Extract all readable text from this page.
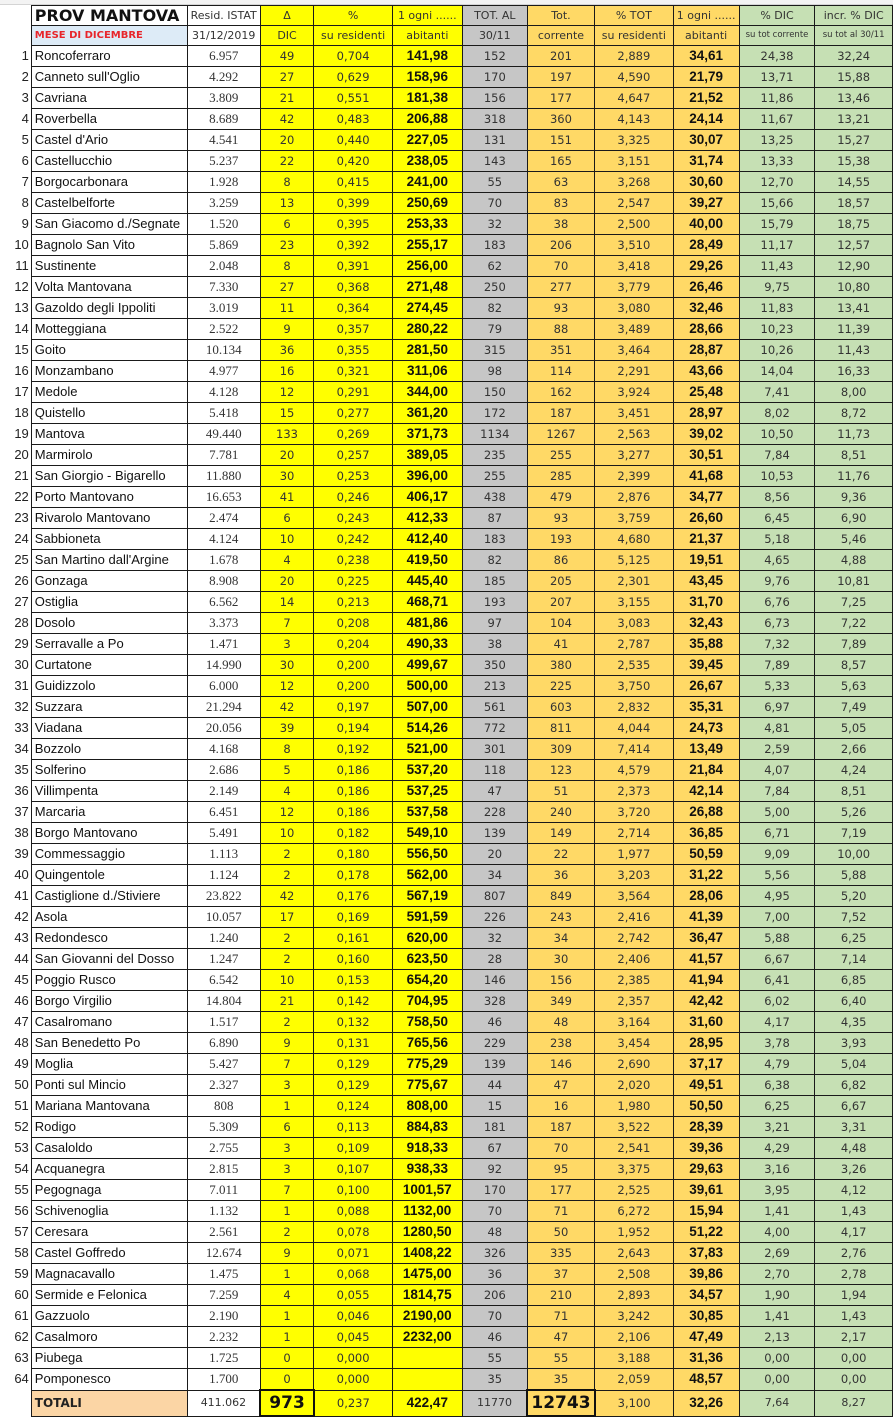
	PROV MANTOVA	Resid. ISTAT	Δ	%	1 ogni ......	TOT. AL	Tot.	% TOT	1 ogni ......	% DIC	incr. % DIC
	MESE DI DICEMBRE	31/12/2019	DIC	su residenti	abitanti	30/11	corrente	su residenti	abitanti	su tot corrente	su tot al 30/11
1	Roncoferraro	6.957	49	0,704	141,98	152	201	2,889	34,61	24,38	32,24
2	Canneto sull'Oglio	4.292	27	0,629	158,96	170	197	4,590	21,79	13,71	15,88
3	Cavriana	3.809	21	0,551	181,38	156	177	4,647	21,52	11,86	13,46
4	Roverbella	8.689	42	0,483	206,88	318	360	4,143	24,14	11,67	13,21
5	Castel d'Ario	4.541	20	0,440	227,05	131	151	3,325	30,07	13,25	15,27
6	Castellucchio	5.237	22	0,420	238,05	143	165	3,151	31,74	13,33	15,38
7	Borgocarbonara	1.928	8	0,415	241,00	55	63	3,268	30,60	12,70	14,55
8	Castelbelforte	3.259	13	0,399	250,69	70	83	2,547	39,27	15,66	18,57
9	San Giacomo d./Segnate	1.520	6	0,395	253,33	32	38	2,500	40,00	15,79	18,75
10	Bagnolo San Vito	5.869	23	0,392	255,17	183	206	3,510	28,49	11,17	12,57
11	Sustinente	2.048	8	0,391	256,00	62	70	3,418	29,26	11,43	12,90
12	Volta Mantovana	7.330	27	0,368	271,48	250	277	3,779	26,46	9,75	10,80
13	Gazoldo degli Ippoliti	3.019	11	0,364	274,45	82	93	3,080	32,46	11,83	13,41
14	Motteggiana	2.522	9	0,357	280,22	79	88	3,489	28,66	10,23	11,39
15	Goito	10.134	36	0,355	281,50	315	351	3,464	28,87	10,26	11,43
16	Monzambano	4.977	16	0,321	311,06	98	114	2,291	43,66	14,04	16,33
17	Medole	4.128	12	0,291	344,00	150	162	3,924	25,48	7,41	8,00
18	Quistello	5.418	15	0,277	361,20	172	187	3,451	28,97	8,02	8,72
19	Mantova	49.440	133	0,269	371,73	1134	1267	2,563	39,02	10,50	11,73
20	Marmirolo	7.781	20	0,257	389,05	235	255	3,277	30,51	7,84	8,51
21	San Giorgio - Bigarello	11.880	30	0,253	396,00	255	285	2,399	41,68	10,53	11,76
22	Porto Mantovano	16.653	41	0,246	406,17	438	479	2,876	34,77	8,56	9,36
23	Rivarolo Mantovano	2.474	6	0,243	412,33	87	93	3,759	26,60	6,45	6,90
24	Sabbioneta	4.124	10	0,242	412,40	183	193	4,680	21,37	5,18	5,46
25	San Martino dall'Argine	1.678	4	0,238	419,50	82	86	5,125	19,51	4,65	4,88
26	Gonzaga	8.908	20	0,225	445,40	185	205	2,301	43,45	9,76	10,81
27	Ostiglia	6.562	14	0,213	468,71	193	207	3,155	31,70	6,76	7,25
28	Dosolo	3.373	7	0,208	481,86	97	104	3,083	32,43	6,73	7,22
29	Serravalle a Po	1.471	3	0,204	490,33	38	41	2,787	35,88	7,32	7,89
30	Curtatone	14.990	30	0,200	499,67	350	380	2,535	39,45	7,89	8,57
31	Guidizzolo	6.000	12	0,200	500,00	213	225	3,750	26,67	5,33	5,63
32	Suzzara	21.294	42	0,197	507,00	561	603	2,832	35,31	6,97	7,49
33	Viadana	20.056	39	0,194	514,26	772	811	4,044	24,73	4,81	5,05
34	Bozzolo	4.168	8	0,192	521,00	301	309	7,414	13,49	2,59	2,66
35	Solferino	2.686	5	0,186	537,20	118	123	4,579	21,84	4,07	4,24
36	Villimpenta	2.149	4	0,186	537,25	47	51	2,373	42,14	7,84	8,51
37	Marcaria	6.451	12	0,186	537,58	228	240	3,720	26,88	5,00	5,26
38	Borgo Mantovano	5.491	10	0,182	549,10	139	149	2,714	36,85	6,71	7,19
39	Commessaggio	1.113	2	0,180	556,50	20	22	1,977	50,59	9,09	10,00
40	Quingentole	1.124	2	0,178	562,00	34	36	3,203	31,22	5,56	5,88
41	Castiglione d./Stiviere	23.822	42	0,176	567,19	807	849	3,564	28,06	4,95	5,20
42	Asola	10.057	17	0,169	591,59	226	243	2,416	41,39	7,00	7,52
43	Redondesco	1.240	2	0,161	620,00	32	34	2,742	36,47	5,88	6,25
44	San Giovanni del Dosso	1.247	2	0,160	623,50	28	30	2,406	41,57	6,67	7,14
45	Poggio Rusco	6.542	10	0,153	654,20	146	156	2,385	41,94	6,41	6,85
46	Borgo Virgilio	14.804	21	0,142	704,95	328	349	2,357	42,42	6,02	6,40
47	Casalromano	1.517	2	0,132	758,50	46	48	3,164	31,60	4,17	4,35
48	San Benedetto Po	6.890	9	0,131	765,56	229	238	3,454	28,95	3,78	3,93
49	Moglia	5.427	7	0,129	775,29	139	146	2,690	37,17	4,79	5,04
50	Ponti sul Mincio	2.327	3	0,129	775,67	44	47	2,020	49,51	6,38	6,82
51	Mariana Mantovana	808	1	0,124	808,00	15	16	1,980	50,50	6,25	6,67
52	Rodigo	5.309	6	0,113	884,83	181	187	3,522	28,39	3,21	3,31
53	Casaloldo	2.755	3	0,109	918,33	67	70	2,541	39,36	4,29	4,48
54	Acquanegra	2.815	3	0,107	938,33	92	95	3,375	29,63	3,16	3,26
55	Pegognaga	7.011	7	0,100	1001,57	170	177	2,525	39,61	3,95	4,12
56	Schivenoglia	1.132	1	0,088	1132,00	70	71	6,272	15,94	1,41	1,43
57	Ceresara	2.561	2	0,078	1280,50	48	50	1,952	51,22	4,00	4,17
58	Castel Goffredo	12.674	9	0,071	1408,22	326	335	2,643	37,83	2,69	2,76
59	Magnacavallo	1.475	1	0,068	1475,00	36	37	2,508	39,86	2,70	2,78
60	Sermide e Felonica	7.259	4	0,055	1814,75	206	210	2,893	34,57	1,90	1,94
61	Gazzuolo	2.190	1	0,046	2190,00	70	71	3,242	30,85	1,41	1,43
62	Casalmoro	2.232	1	0,045	2232,00	46	47	2,106	47,49	2,13	2,17
63	Piubega	1.725	0	0,000		55	55	3,188	31,36	0,00	0,00
64	Pomponesco	1.700	0	0,000		35	35	2,059	48,57	0,00	0,00
	TOTALI	411.062	973	0,237	422,47	11770	12743	3,100	32,26	7,64	8,27
